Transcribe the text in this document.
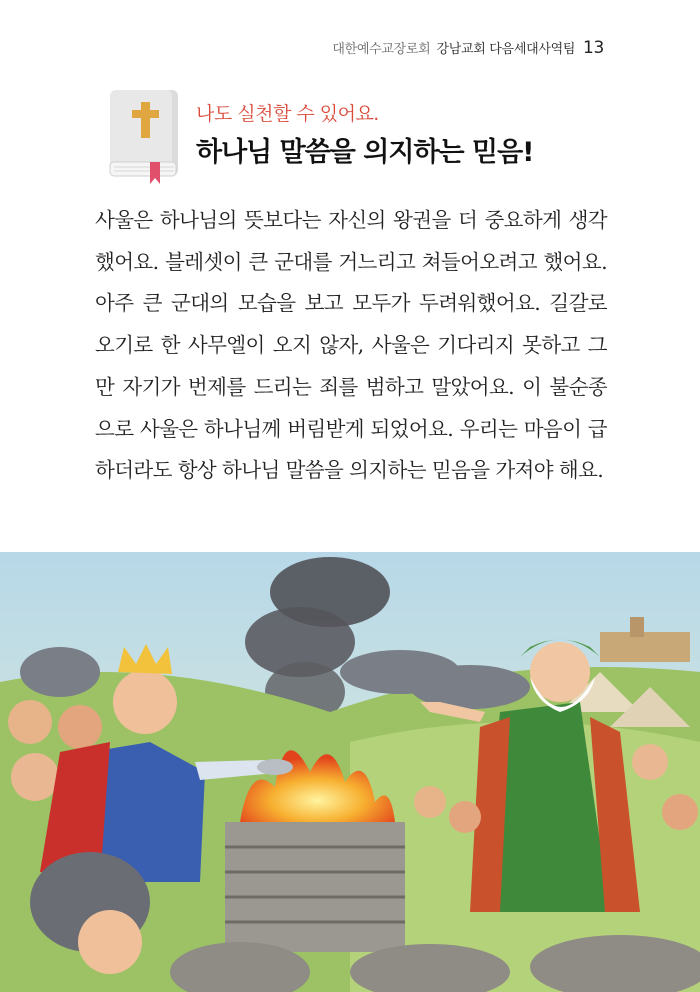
대한예수교장로회 강남교회 다음세대사역팀 13
나도 실천할 수 있어요.
하나님 말씀을 의지하는 믿음!
사울은 하나님의 뜻보다는 자신의 왕권을 더 중요하게 생각했어요. 블레셋이 큰 군대를 거느리고 쳐들어오려고 했어요. 아주 큰 군대의 모습을 보고 모두가 두려워했어요. 길갈로 오기로 한 사무엘이 오지 않자, 사울은 기다리지 못하고 그만 자기가 번제를 드리는 죄를 범하고 말았어요. 이 불순종으로 사울은 하나님께 버림받게 되었어요. 우리는 마음이 급하더라도 항상 하나님 말씀을 의지하는 믿음을 가져야 해요.
